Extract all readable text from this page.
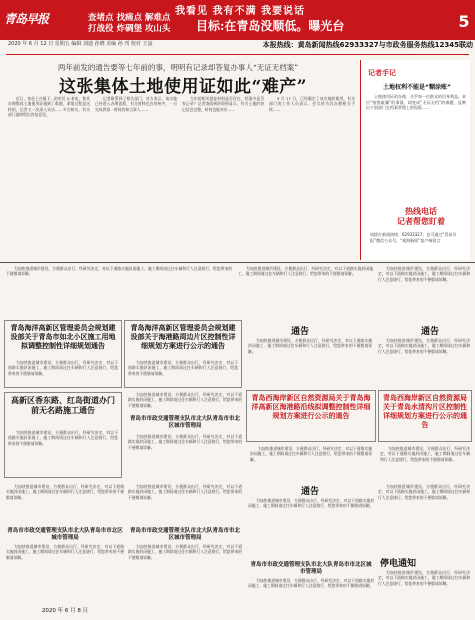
青岛早报
我看见 我有不满 我要说话
查堵点 找痛点 解难点
打战役 炸碉堡 攻山头	目标:在青岛没顺低。曝光台	5
本报热线：黄岛新闻热线62933327与市政务服务热线12345联动
2020 年 6 月 12 日 星期五 编辑 刘迪 孙晓 美编 孙 刊 校对 王淦
两年前发的通告要等七年前的事，明明有记录却答复办事人“无证无档案”
这张集体土地使用证如此“难产”

近日，家住王台镇下…的市民 G 来电，称其办理集体土地使用证遇到了难题，事情过程是这样的，记者又一次深入采访……多方核实，有关部门最终给出答复意见。

记者联系到了相关部门，对方表示，该宗地已经进入办理流程，有关材料也在审核中，一旦完成将第一时间告知当事人……

当年的相关批复材料是否存在，档案中是否有记录？记者查阅到的资料显示，有关土地的登记信息完整，时间也能对应……

9 月 17 日，已经确定了该宗地的使用，有关部门的工作人员表示，会尽快为其办理相关手续……

记者手记
土地权利不能是“糊涂账”

土地使用证的办理，关乎每一位群众的切身利益。本应“按图索骥”的事情，却变成“无证无档”的难题，反映出个别部门在档案管理上的短板……

热线电话
记者帮您盯着
请拨打新闻热线：62933327；也可通过“青岛早报”微信公众号、“观海新闻”客户端留言

为加快推进城市建设，方便群众出行，经研究决定，对以下道路实施封闭施工，施工期间请过往车辆和行人注意绕行，给您带来的不便敬请谅解。

为加快推进城市建设，方便群众出行，经研究决定，对以下道路实施封闭施工，施工期间请过往车辆和行人注意绕行，给您带来的不便敬请谅解。

为加快推进城市建设，方便群众出行，经研究决定，对以下道路实施封闭施工，施工期间请过往车辆和行人注意绕行，给您带来的不便敬请谅解。

青岛海洋高新区管理委员会规划建设部关于青岛市如北小区施工用地拟调整控制性详细规划通告

为加快推进城市建设，方便群众出行，经研究决定，对以下道路实施封闭施工，施工期间请过往车辆和行人注意绕行，给您带来的不便敬请谅解。

青岛海洋高新区管理委员会规划建设部关于海港路周边片区控制性详细规划方案进行公示的通告

为加快推进城市建设，方便群众出行，经研究决定，对以下道路实施封闭施工，施工期间请过往车辆和行人注意绕行，给您带来的不便敬请谅解。

通告

为加快推进城市建设，方便群众出行，经研究决定，对以下道路实施封闭施工，施工期间请过往车辆和行人注意绕行，给您带来的不便敬请谅解。

通告

为加快推进城市建设，方便群众出行，经研究决定，对以下道路实施封闭施工，施工期间请过往车辆和行人注意绕行，给您带来的不便敬请谅解。

高新区香东路、红岛街道办门前无名路施工通告

为加快推进城市建设，方便群众出行，经研究决定，对以下道路实施封闭施工，施工期间请过往车辆和行人注意绕行，给您带来的不便敬请谅解。

为加快推进城市建设，方便群众出行，经研究决定，对以下道路实施封闭施工，施工期间请过往车辆和行人注意绕行，给您带来的不便敬请谅解。

青岛市市政交通管理支队市北大队青岛市市北区城市管理局

为加快推进城市建设，方便群众出行，经研究决定，对以下道路实施封闭施工，施工期间请过往车辆和行人注意绕行，给您带来的不便敬请谅解。

青岛西海岸新区自然资源局关于青岛海洋高新区海港路沿线拟调整控制性详细规划方案进行公示的通告

为加快推进城市建设，方便群众出行，经研究决定，对以下道路实施封闭施工，施工期间请过往车辆和行人注意绕行，给您带来的不便敬请谅解。

青岛西海岸新区自然资源局关于青岛水清沟片区控制性详细规划方案进行公示的通告

为加快推进城市建设，方便群众出行，经研究决定，对以下道路实施封闭施工，施工期间请过往车辆和行人注意绕行，给您带来的不便敬请谅解。

为加快推进城市建设，方便群众出行，经研究决定，对以下道路实施封闭施工，施工期间请过往车辆和行人注意绕行，给您带来的不便敬请谅解。

青岛市市政交通管理支队市北大队青岛市市北区城市管理局

为加快推进城市建设，方便群众出行，经研究决定，对以下道路实施封闭施工，施工期间请过往车辆和行人注意绕行，给您带来的不便敬请谅解。

为加快推进城市建设，方便群众出行，经研究决定，对以下道路实施封闭施工，施工期间请过往车辆和行人注意绕行，给您带来的不便敬请谅解。

青岛市市政交通管理支队市北大队青岛市市北区城市管理局

为加快推进城市建设，方便群众出行，经研究决定，对以下道路实施封闭施工，施工期间请过往车辆和行人注意绕行，给您带来的不便敬请谅解。

通告

为加快推进城市建设，方便群众出行，经研究决定，对以下道路实施封闭施工，施工期间请过往车辆和行人注意绕行，给您带来的不便敬请谅解。

青岛市市政交通管理支队市北大队青岛市市北区城市管理局

为加快推进城市建设，方便群众出行，经研究决定，对以下道路实施封闭施工，施工期间请过往车辆和行人注意绕行，给您带来的不便敬请谅解。

为加快推进城市建设，方便群众出行，经研究决定，对以下道路实施封闭施工，施工期间请过往车辆和行人注意绕行，给您带来的不便敬请谅解。

停电通知

为加快推进城市建设，方便群众出行，经研究决定，对以下道路实施封闭施工，施工期间请过往车辆和行人注意绕行，给您带来的不便敬请谅解。

2020 年 6 月 8 日
